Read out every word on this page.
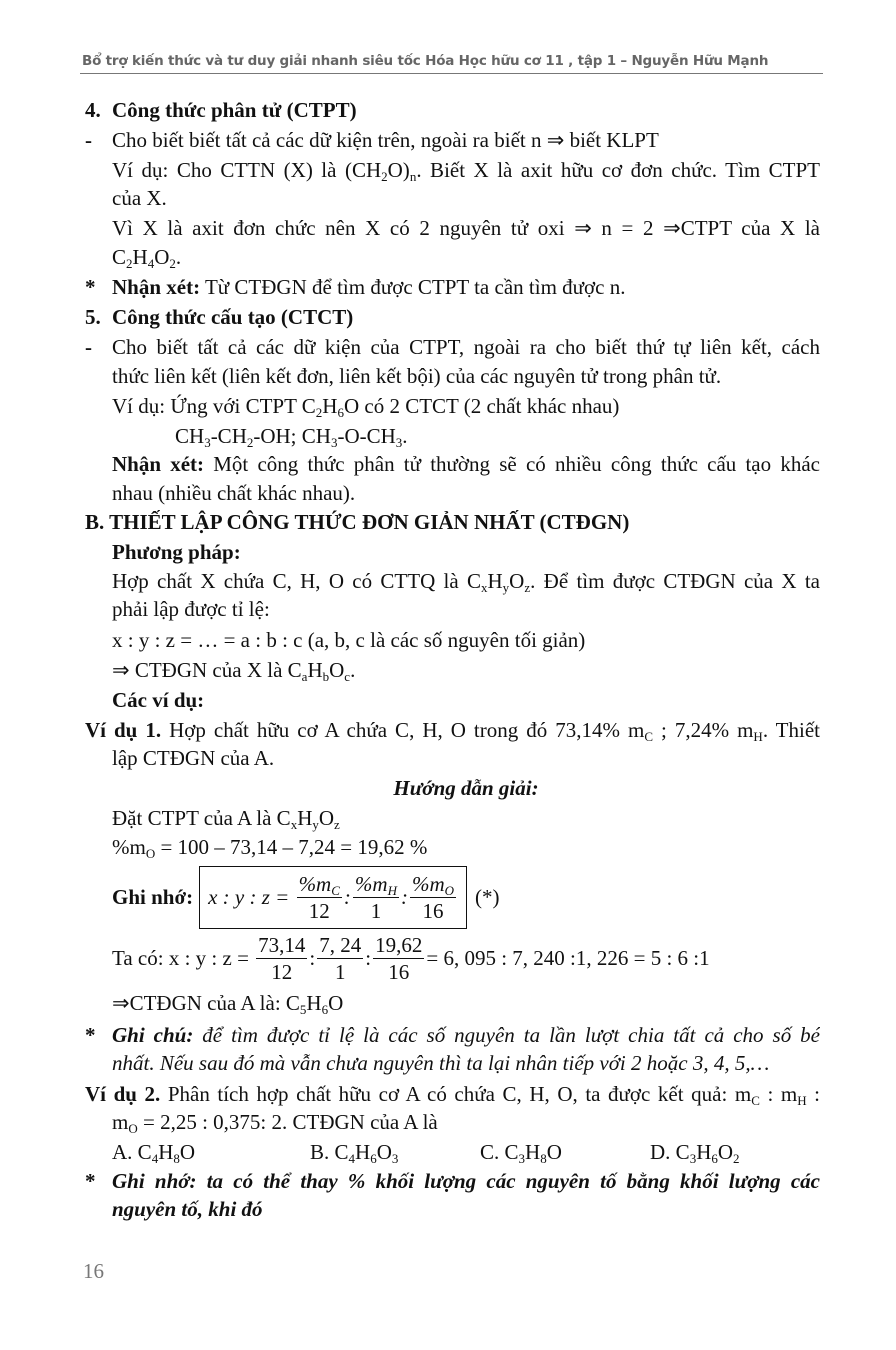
Bổ trợ kiến thức và tư duy giải nhanh siêu tốc Hóa Học hữu cơ 11 , tập 1 – Nguyễn Hữu Mạnh
Công thức phân tử (CTPT)
4.
Cho biết biết tất cả các dữ kiện trên, ngoài ra biết n ⇒ biết KLPT
-
Ví dụ: Cho CTTN (X) là $(CH_2O)_n$. Biết X là axit hữu cơ đơn chức. Tìm CTPT
của X.
Vì X là axit đơn chức nên X có 2 nguyên tử oxi ⇒ n = 2 ⇒CTPT của X là
$C_2H_4O_2$.
Nhận xét: Từ CTĐGN để tìm được CTPT ta cần tìm được n.
*
Công thức cấu tạo (CTCT)
5.
Cho biết tất cả các dữ kiện của CTPT, ngoài ra cho biết thứ tự liên kết, cách
-
thức liên kết (liên kết đơn, liên kết bội) của các nguyên tử trong phân tử.
Ví dụ: Ứng với CTPT $C_2H_6O$ có 2 CTCT (2 chất khác nhau)
$CH_3-CH_2-OH$; $CH_3-O-CH_3$.
Nhận xét: Một công thức phân tử thường sẽ có nhiều công thức cấu tạo khác
nhau (nhiều chất khác nhau).
B. THIẾT LẬP CÔNG THỨC ĐƠN GIẢN NHẤT (CTĐGN)
Phương pháp:
Hợp chất X chứa C, H, O có CTTQ là $C_xH_yO_z$. Để tìm được CTĐGN của X ta
phải lập được tỉ lệ:
x : y : z = … = a : b : c (a, b, c là các số nguyên tối giản)
⇒ CTĐGN của X là $C_aH_bO_c$.
Các ví dụ:
Ví dụ 1. Hợp chất hữu cơ A chứa C, H, O trong đó 73,14% $m_C$ ; 7,24% $m_H$. Thiết
lập CTĐGN của A.
Hướng dẫn giải:
Đặt CTPT của A là $C_xH_yO_z$
$\%m_O = 100 - 73,14 - 7,24 = 19,62$ %
⇒CTĐGN của A là: $C_5H_6O$
Ghi chú: để tìm được tỉ lệ là các số nguyên ta lần lượt chia tất cả cho số bé
*
nhất. Nếu sau đó mà vẫn chưa nguyên thì ta lại nhân tiếp với 2 hoặc 3, 4, 5,…
Ví dụ 2. Phân tích hợp chất hữu cơ A có chứa C, H, O, ta được kết quả: $m_C$ : $m_H$ :
$m_O = 2,25$ : 0,375: 2. CTĐGN của A là
Ghi nhớ: ta có thể thay % khối lượng các nguyên tố bằng khối lượng các
*
nguyên tố, khi đó
Ghi nhớ: x : y : z =
$\frac{\%m_C}{12}$ : $\frac{\%m_H}{1}$ : $\frac{\%m_O}{16}$ (*)
Ta có: x : y : z =
$\frac{73,14}{12}$ : $\frac{7, 24}{1}$ : $\frac{19,62}{16} = 6$, 095 : 7, 240 :1, 226 = 5 : 6 :1
A. $C_4H_8O$	B. $C_4H_6O_3$	C. $C_3H_8O$	D. $C_3H_6O_2$
16
